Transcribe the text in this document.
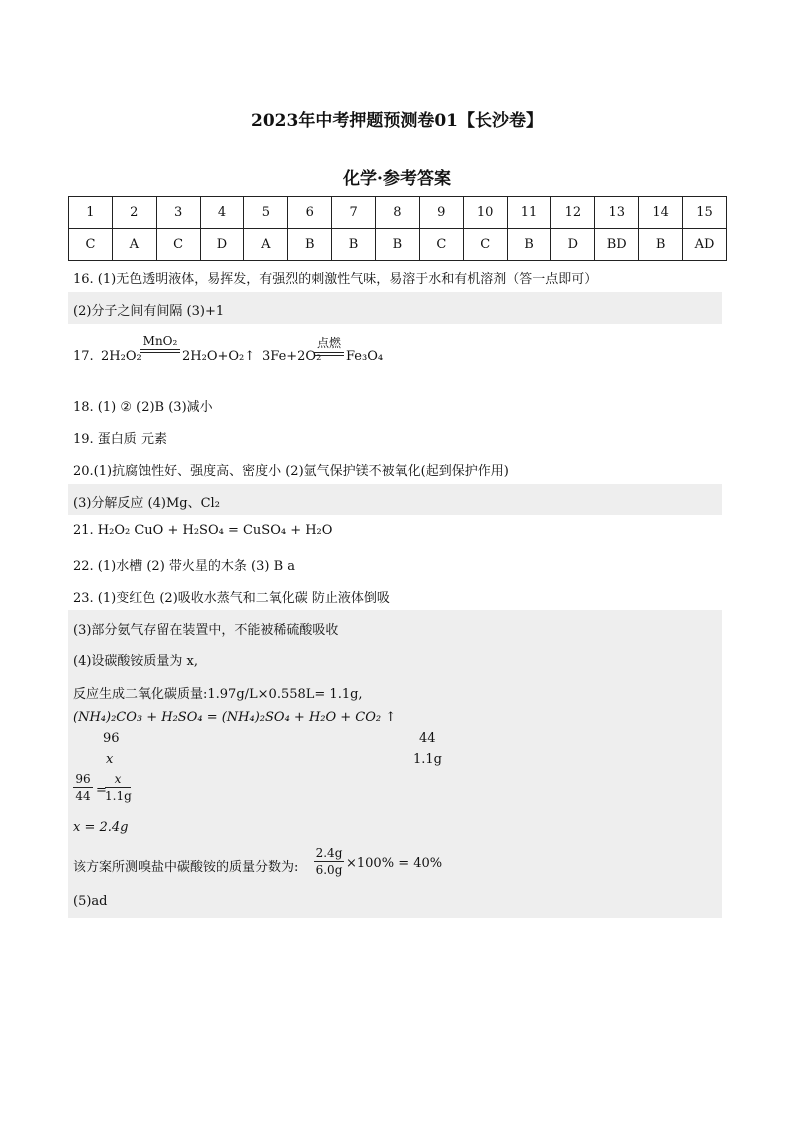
2023年中考押题预测卷01【长沙卷】
化学·参考答案
1	2	3	4	5	6	7	8	9	10	11	12	13	14	15
C	A	C	D	A	B	B	B	C	C	B	D	BD	B	AD
16. (1)无色透明液体，易挥发，有强烈的刺激性气味，易溶于水和有机溶剂（答一点即可）
(2)分子之间有间隔 (3)+1
17. 2H₂O₂
MnO₂
2H₂O+O₂↑ 3Fe+2O₂
点燃
Fe₃O₄
18. (1) ② (2)B (3)减小
19. 蛋白质 元素
20.(1)抗腐蚀性好、强度高、密度小 (2)氩气保护镁不被氧化(起到保护作用)
(3)分解反应 (4)Mg、Cl₂
21. H₂O₂ CuO + H₂SO₄ = CuSO₄ + H₂O
22. (1)水槽 (2) 带火星的木条 (3) B a
23. (1)变红色 (2)吸收水蒸气和二氧化碳 防止液体倒吸
(3)部分氨气存留在装置中，不能被稀硫酸吸收
(4)设碳酸铵质量为 x,
反应生成二氧化碳质量:1.97g/L×0.558L= 1.1g,
(NH₄)₂CO₃ + H₂SO₄ = (NH₄)₂SO₄ + H₂O + CO₂ ↑
96	44
x	1.1g
96
44 =
x
1.1g
x = 2.4g
该方案所测嗅盐中碳酸铵的质量分数为:
2.4g
6.0g ×100% = 40%
(5)ad
